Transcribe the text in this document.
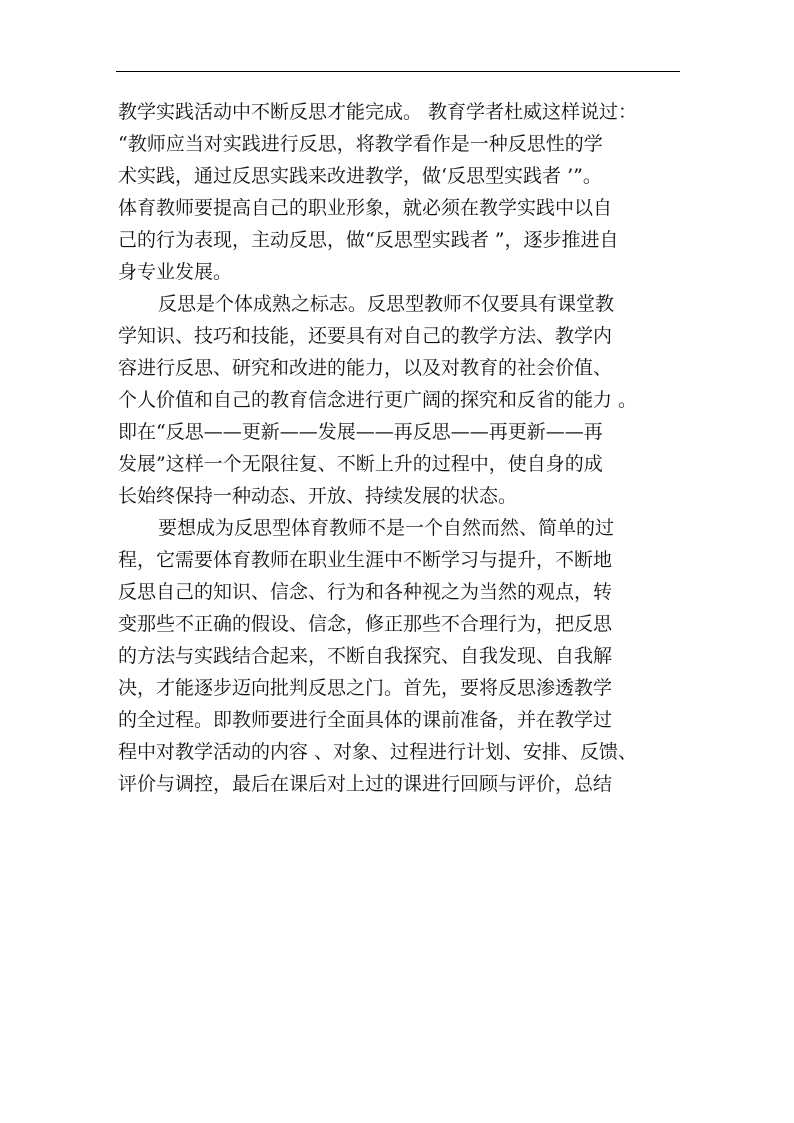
教学实践活动中不断反思才能完成。 教育学者杜威这样说过：
“教师应当对实践进行反思，将教学看作是一种反思性的学
术实践，通过反思实践来改进教学，做‘反思型实践者 ’”。
体育教师要提高自己的职业形象，就必须在教学实践中以自
己的行为表现，主动反思，做“反思型实践者 ”，逐步推进自
身专业发展。
反思是个体成熟之标志。反思型教师不仅要具有课堂教
学知识、技巧和技能，还要具有对自己的教学方法、教学内
容进行反思、研究和改进的能力，以及对教育的社会价值、
个人价值和自己的教育信念进行更广阔的探究和反省的能力 。
即在“反思——更新——发展——再反思——再更新——再
发展”这样一个无限往复、不断上升的过程中，使自身的成
长始终保持一种动态、开放、持续发展的状态。
要想成为反思型体育教师不是一个自然而然、简单的过
程，它需要体育教师在职业生涯中不断学习与提升，不断地
反思自己的知识、信念、行为和各种视之为当然的观点，转
变那些不正确的假设、信念，修正那些不合理行为，把反思
的方法与实践结合起来，不断自我探究、自我发现、自我解
决，才能逐步迈向批判反思之门。首先，要将反思渗透教学
的全过程。即教师要进行全面具体的课前准备，并在教学过
程中对教学活动的内容 、对象、过程进行计划、安排、反馈、
评价与调控，最后在课后对上过的课进行回顾与评价，总结
